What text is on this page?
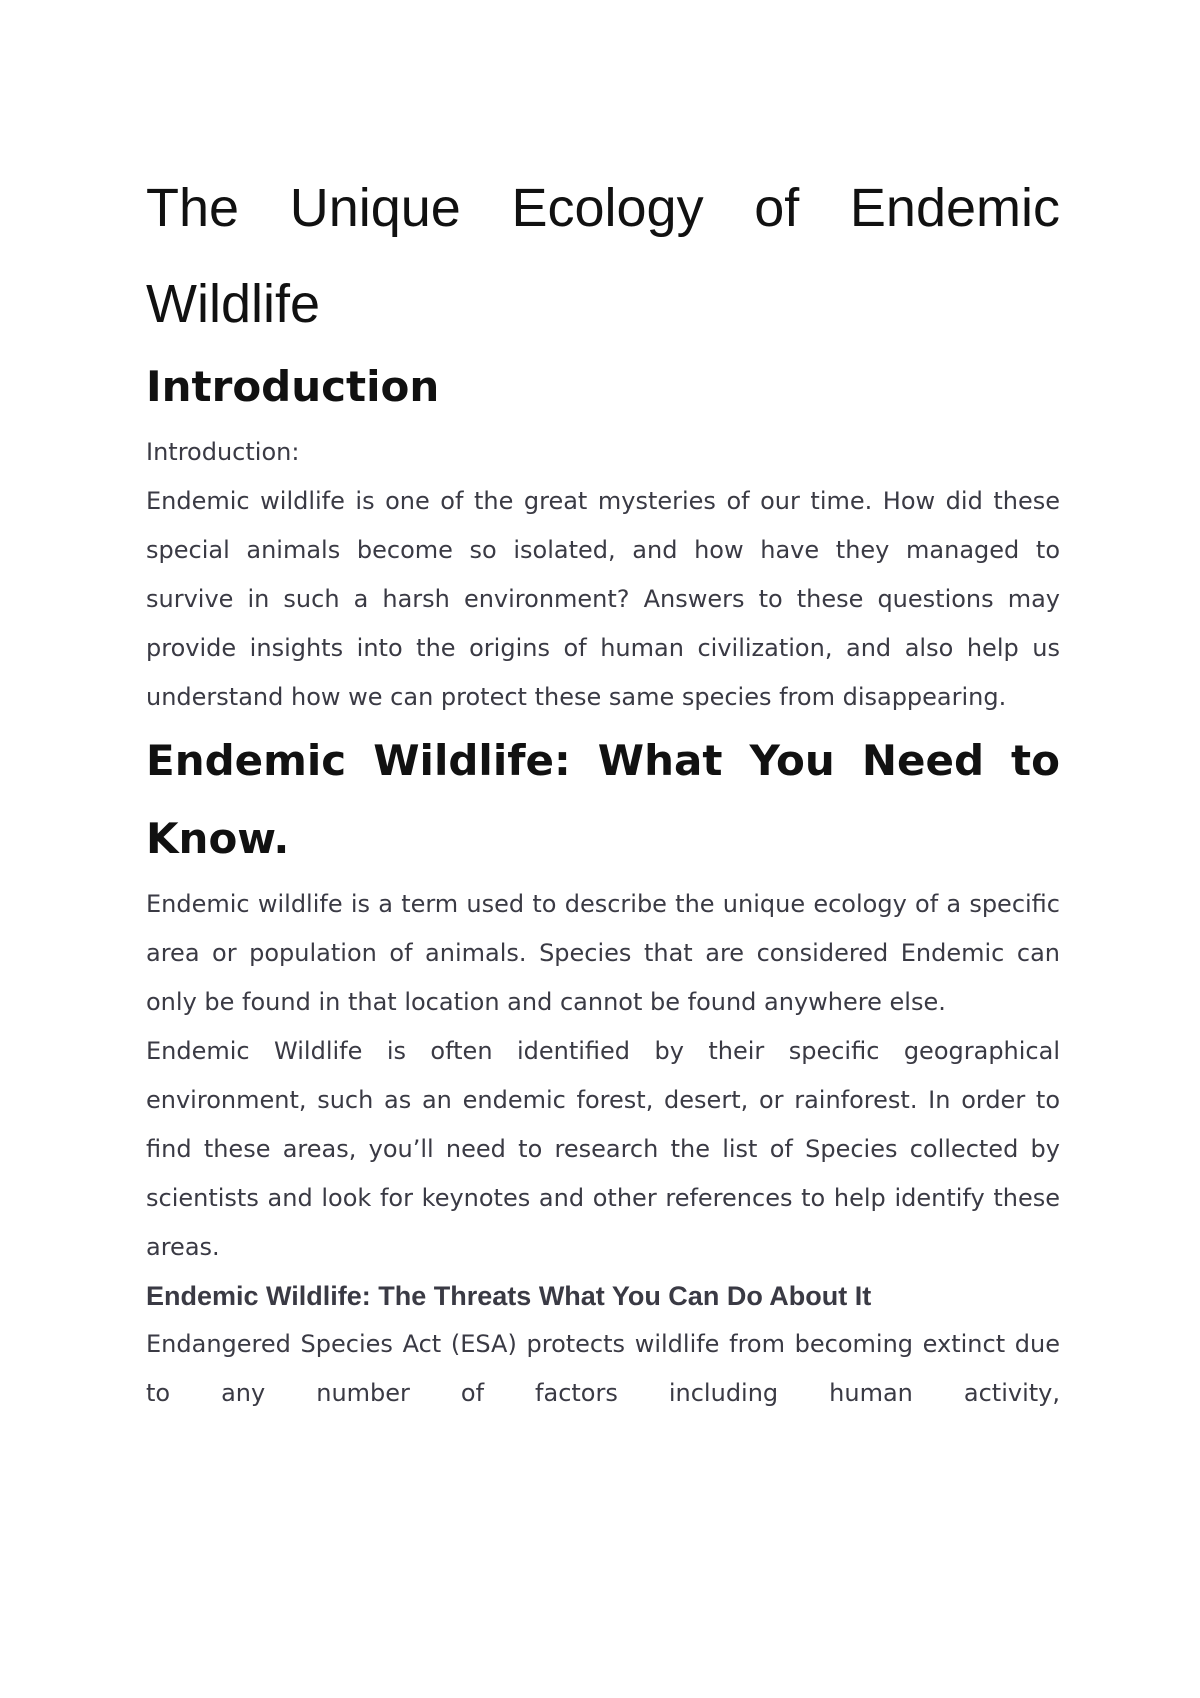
The Unique Ecology of Endemic Wildlife
Introduction

Introduction:

Endemic wildlife is one of the great mysteries of our time. How did these special animals become so isolated, and how have they managed to survive in such a harsh environment? Answers to these questions may provide insights into the origins of human civilization, and also help us understand how we can protect these same species from disappearing.

Endemic Wildlife: What You Need to Know.

Endemic wildlife is a term used to describe the unique ecology of a specific area or population of animals. Species that are considered Endemic can only be found in that location and cannot be found anywhere else.

Endemic Wildlife is often identified by their specific geographical environment, such as an endemic forest, desert, or rainforest. In order to find these areas, you’ll need to research the list of Species collected by scientists and look for keynotes and other references to help identify these areas.

Endemic Wildlife: The Threats What You Can Do About It

Endangered Species Act (ESA) protects wildlife from becoming extinct due to any number of factors including human activity,
